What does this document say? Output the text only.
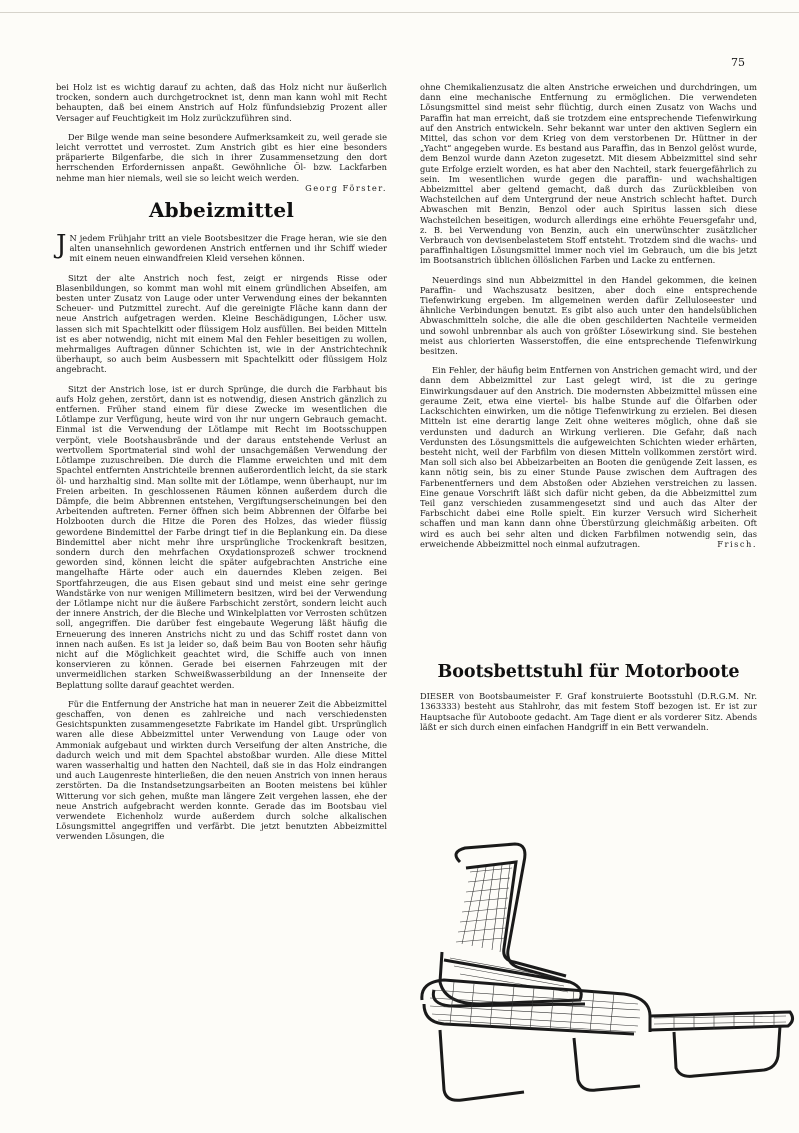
75

bei Holz ist es wichtig darauf zu achten, daß das Holz nicht nur äußerlich trocken, sondern auch durchgetrocknet ist, denn man kann wohl mit Recht behaupten, daß bei einem Anstrich auf Holz fünfundsiebzig Prozent aller Versager auf Feuchtigkeit im Holz zurückzuführen sind.

Der Bilge wende man seine besondere Aufmerksamkeit zu, weil gerade sie leicht verrottet und verrostet. Zum Anstrich gibt es hier eine besonders präparierte Bilgenfarbe, die sich in ihrer Zusammensetzung den dort herrschenden Erfordernissen anpaßt. Gewöhnliche Öl- bzw. Lackfarben nehme man hier niemals, weil sie so leicht weich werden.
Georg Förster.

Abbeizmittel

J N jedem Frühjahr tritt an viele Bootsbesitzer die Frage heran, wie sie den alten unansehnlich gewordenen Anstrich entfernen und ihr Schiff wieder mit einem neuen einwandfreien Kleid versehen können.

Sitzt der alte Anstrich noch fest, zeigt er nirgends Risse oder Blasenbildungen, so kommt man wohl mit einem gründlichen Abseifen, am besten unter Zusatz von Lauge oder unter Verwendung eines der bekannten Scheuer- und Putzmittel zurecht. Auf die gereinigte Fläche kann dann der neue Anstrich aufgetragen werden. Kleine Beschädigungen, Löcher usw. lassen sich mit Spachtelkitt oder flüssigem Holz ausfüllen. Bei beiden Mitteln ist es aber notwendig, nicht mit einem Mal den Fehler beseitigen zu wollen, mehrmaliges Auftragen dünner Schichten ist, wie in der Anstrichtechnik überhaupt, so auch beim Ausbessern mit Spachtelkitt oder flüssigem Holz angebracht.

Sitzt der Anstrich lose, ist er durch Sprünge, die durch die Farbhaut bis aufs Holz gehen, zerstört, dann ist es notwendig, diesen Anstrich gänzlich zu entfernen. Früher stand einem für diese Zwecke im wesentlichen die Lötlampe zur Verfügung, heute wird von ihr nur ungern Gebrauch gemacht. Einmal ist die Verwendung der Lötlampe mit Recht im Bootsschuppen verpönt, viele Bootshausbrände und der daraus entstehende Verlust an wertvollem Sportmaterial sind wohl der unsachgemäßen Verwendung der Lötlampe zuzuschreiben. Die durch die Flamme erweichten und mit dem Spachtel entfernten Anstrichteile brennen außerordentlich leicht, da sie stark öl- und harzhaltig sind. Man sollte mit der Lötlampe, wenn überhaupt, nur im Freien arbeiten. In geschlossenen Räumen können außerdem durch die Dämpfe, die beim Abbrennen entstehen, Vergiftungserscheinungen bei den Arbeitenden auftreten. Ferner öffnen sich beim Abbrennen der Ölfarbe bei Holzbooten durch die Hitze die Poren des Holzes, das wieder flüssig gewordene Bindemittel der Farbe dringt tief in die Beplankung ein. Da diese Bindemittel aber nicht mehr ihre ursprüngliche Trockenkraft besitzen, sondern durch den mehrfachen Oxydationsprozeß schwer trocknend geworden sind, können leicht die später aufgebrachten Anstriche eine mangelhafte Härte oder auch ein dauerndes Kleben zeigen. Bei Sportfahrzeugen, die aus Eisen gebaut sind und meist eine sehr geringe Wandstärke von nur wenigen Millimetern besitzen, wird bei der Verwendung der Lötlampe nicht nur die äußere Farbschicht zerstört, sondern leicht auch der innere Anstrich, der die Bleche und Winkelplatten vor Verrosten schützen soll, angegriffen. Die darüber fest eingebaute Wegerung läßt häufig die Erneuerung des inneren Anstrichs nicht zu und das Schiff rostet dann von innen nach außen. Es ist ja leider so, daß beim Bau von Booten sehr häufig nicht auf die Möglichkeit geachtet wird, die Schiffe auch von innen konservieren zu können. Gerade bei eisernen Fahrzeugen mit der unvermeidlichen starken Schweißwasserbildung an der Innenseite der Beplattung sollte darauf geachtet werden.

Für die Entfernung der Anstriche hat man in neuerer Zeit die Abbeizmittel geschaffen, von denen es zahlreiche und nach verschiedensten Gesichtspunkten zusammengesetzte Fabrikate im Handel gibt. Ursprünglich waren alle diese Abbeizmittel unter Verwendung von Lauge oder von Ammoniak aufgebaut und wirkten durch Verseifung der alten Anstriche, die dadurch weich und mit dem Spachtel abstoßbar wurden. Alle diese Mittel waren wasserhaltig und hatten den Nachteil, daß sie in das Holz eindrangen und auch Laugenreste hinterließen, die den neuen Anstrich von innen heraus zerstörten. Da die Instandsetzungsarbeiten an Booten meistens bei kühler Witterung vor sich gehen, mußte man längere Zeit vergehen lassen, ehe der neue Anstrich aufgebracht werden konnte. Gerade das im Bootsbau viel verwendete Eichenholz wurde außerdem durch solche alkalischen Lösungsmittel angegriffen und verfärbt. Die jetzt benutzten Abbeizmittel verwenden Lösungen, die

ohne Chemikalienzusatz die alten Anstriche erweichen und durchdringen, um dann eine mechanische Entfernung zu ermöglichen. Die verwendeten Lösungsmittel sind meist sehr flüchtig, durch einen Zusatz von Wachs und Paraffin hat man erreicht, daß sie trotzdem eine entsprechende Tiefenwirkung auf den Anstrich entwickeln. Sehr bekannt war unter den aktiven Seglern ein Mittel, das schon vor dem Krieg von dem verstorbenen Dr. Hüttner in der „Yacht“ angegeben wurde. Es bestand aus Paraffin, das in Benzol gelöst wurde, dem Benzol wurde dann Azeton zugesetzt. Mit diesem Abbeizmittel sind sehr gute Erfolge erzielt worden, es hat aber den Nachteil, stark feuergefährlich zu sein. Im wesentlichen wurde gegen die paraffin- und wachshaltigen Abbeizmittel aber geltend gemacht, daß durch das Zurückbleiben von Wachsteilchen auf dem Untergrund der neue Anstrich schlecht haftet. Durch Abwaschen mit Benzin, Benzol oder auch Spiritus lassen sich diese Wachsteilchen beseitigen, wodurch allerdings eine erhöhte Feuersgefahr und, z. B. bei Verwendung von Benzin, auch ein unerwünschter zusätzlicher Verbrauch von devisenbelastetem Stoff entsteht. Trotzdem sind die wachs- und paraffinhaltigen Lösungsmittel immer noch viel im Gebrauch, um die bis jetzt im Bootsanstrich üblichen öllöslichen Farben und Lacke zu entfernen.

Neuerdings sind nun Abbeizmittel in den Handel gekommen, die keinen Paraffin- und Wachszusatz besitzen, aber doch eine entsprechende Tiefenwirkung ergeben. Im allgemeinen werden dafür Zelluloseester und ähnliche Verbindungen benutzt. Es gibt also auch unter den handelsüblichen Abwaschmitteln solche, die alle die oben geschilderten Nachteile vermeiden und sowohl unbrennbar als auch von größter Lösewirkung sind. Sie bestehen meist aus chlorierten Wasserstoffen, die eine entsprechende Tiefenwirkung besitzen.

Ein Fehler, der häufig beim Entfernen von Anstrichen gemacht wird, und der dann dem Abbeizmittel zur Last gelegt wird, ist die zu geringe Einwirkungsdauer auf den Anstrich. Die modernsten Abbeizmittel müssen eine geraume Zeit, etwa eine viertel- bis halbe Stunde auf die Ölfarben oder Lackschichten einwirken, um die nötige Tiefenwirkung zu erzielen. Bei diesen Mitteln ist eine derartig lange Zeit ohne weiteres möglich, ohne daß sie verdunsten und dadurch an Wirkung verlieren. Die Gefahr, daß nach Verdunsten des Lösungsmittels die aufgeweichten Schichten wieder erhärten, besteht nicht, weil der Farbfilm von diesen Mitteln vollkommen zerstört wird. Man soll sich also bei Abbeizarbeiten an Booten die genügende Zeit lassen, es kann nötig sein, bis zu einer Stunde Pause zwischen dem Auftragen des Farbenentferners und dem Abstoßen oder Abziehen verstreichen zu lassen. Eine genaue Vorschrift läßt sich dafür nicht geben, da die Abbeizmittel zum Teil ganz verschieden zusammengesetzt sind und auch das Alter der Farbschicht dabei eine Rolle spielt. Ein kurzer Versuch wird Sicherheit schaffen und man kann dann ohne Überstürzung gleichmäßig arbeiten. Oft wird es auch bei sehr alten und dicken Farbfilmen notwendig sein, das erweichende Abbeizmittel noch einmal aufzutragen.	Frisch.

Bootsbettstuhl für Motorboote

DIESER von Bootsbaumeister F. Graf konstruierte Bootsstuhl (D.R.G.M. Nr. 1363333) besteht aus Stahlrohr, das mit festem Stoff bezogen ist. Er ist zur Hauptsache für Autoboote gedacht. Am Tage dient er als vorderer Sitz. Abends läßt er sich durch einen einfachen Handgriff in ein Bett verwandeln.
